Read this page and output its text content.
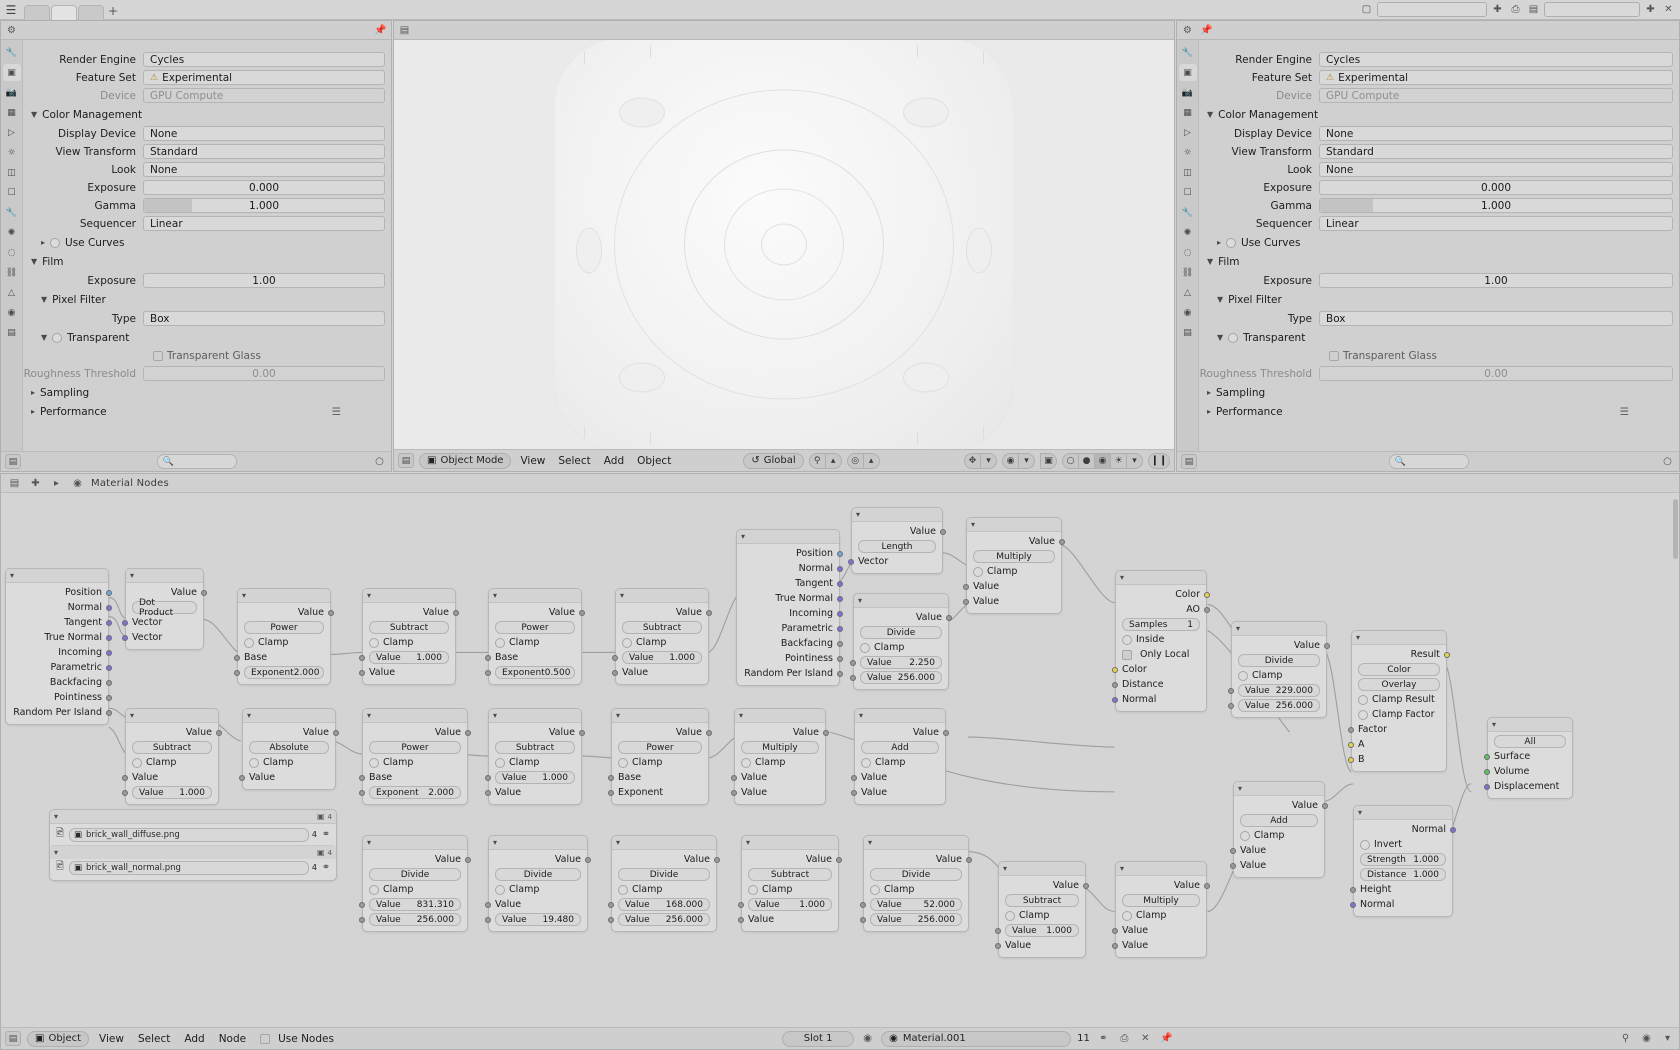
☰	+	▢	✚ ⎙ ▤	✚ ✕
⚙	📌
🔧
▣
📷
▦
▷
☼
◫
☐
🔧
✺
◌
⛓
△
◉
▤
Render Engine	Cycles
Feature Set	⚠ Experimental
Device	GPU Compute
▼ Color Management
Display Device	None
View Transform	Standard
Look	None
Exposure	0.000
Gamma	1.000
Sequencer	Linear
▸ Use Curves
▼ Film
Exposure	1.00
▼ Pixel Filter
Type	Box
▼ Transparent
Transparent Glass
Roughness Threshold	0.00
▸ Sampling
▸ Performance	☰
▤	🔍	○
▤
▤	▣ Object Mode	View	Select	Add	Object	↺ Global	⚲	▴	◎	▴	✥	▾	◉	▾	▣	○ ● ◉ ☀	▾	❙❙
⚙ 📌
🔧
▣
📷
▦
▷
☼
◫
☐
🔧
✺
◌
⛓
△
◉
▤
Render Engine	Cycles
Feature Set	⚠ Experimental
Device	GPU Compute
▼ Color Management
Display Device	None
View Transform	Standard
Look	None
Exposure	0.000
Gamma	1.000
Sequencer	Linear
▸ Use Curves
▼ Film
Exposure	1.00
▼ Pixel Filter
Type	Box
▼ Transparent
Transparent Glass
Roughness Threshold	0.00
▸ Sampling
▸ Performance	☰
▤	🔍	○
▤	✚	▸	◉ Material Nodes
▾
Position
Normal
Tangent
True Normal
Incoming
Parametric
Backfacing
Pointiness
Random Per Island
▾
Value
Dot Product
Vector
Vector
▾
Value
Power
Clamp
Base
Exponent 2.000
▾
Value
Subtract
Clamp
Value 1.000
Value
▾
Value
Power
Clamp
Base
Exponent 0.500
▾
Value
Subtract
Clamp
Value 1.000
Value
▾
Value
Subtract
Clamp
Value
Value 1.000
▾
Value
Absolute
Clamp
Value
▾
Value
Power
Clamp
Base
Exponent 2.000
▾
Value
Subtract
Clamp
Value 1.000
Value
▾
Value
Power
Clamp
Base
Exponent
▾
Value
Multiply
Clamp
Value
Value
▾
Value
Add
Clamp
Value
Value
▾
Value
Divide
Clamp
Value 831.310
Value 256.000
▾
Value
Divide
Clamp
Value
Value 19.480
▾
Value
Divide
Clamp
Value 168.000
Value 256.000
▾
Value
Subtract
Clamp
Value 1.000
Value
▾
Value
Divide
Clamp
Value 52.000
Value 256.000
▾
Value
Subtract
Clamp
Value 1.000
Value
▾
Value
Multiply
Clamp
Value
Value
▾
Position
Normal
Tangent
True Normal
Incoming
Parametric
Backfacing
Pointiness
Random Per Island
▾
Value
Length
Vector
▾
Value
Divide
Clamp
Value 2.250
Value 256.000
▾
Value
Multiply
Clamp
Value
Value
▾
Color
AO
Samples 1
Inside
Only Local
Color
Distance
Normal
▾
Value
Divide
Clamp
Value 229.000
Value 256.000
▾
Value
Add
Clamp
Value
Value
▾
Result
Color
Overlay
Clamp Result
Clamp Factor
Factor
A
B
▾
Normal
Invert
Strength 1.000
Distance 1.000
Height
Normal
▾
All
Surface
Volume
Displacement
▾	▣ 4
🖻 ▣ brick_wall_diffuse.png	4 ⚭
▾	▣ 4
🖻 ▣ brick_wall_normal.png	4 ⚭
▤	▣ Object	View	Select	Add	Node	Use Nodes	Slot 1	◉	◉ Material.001	11 ⚭	⎙	✕	📌	⚲	◉	▾
